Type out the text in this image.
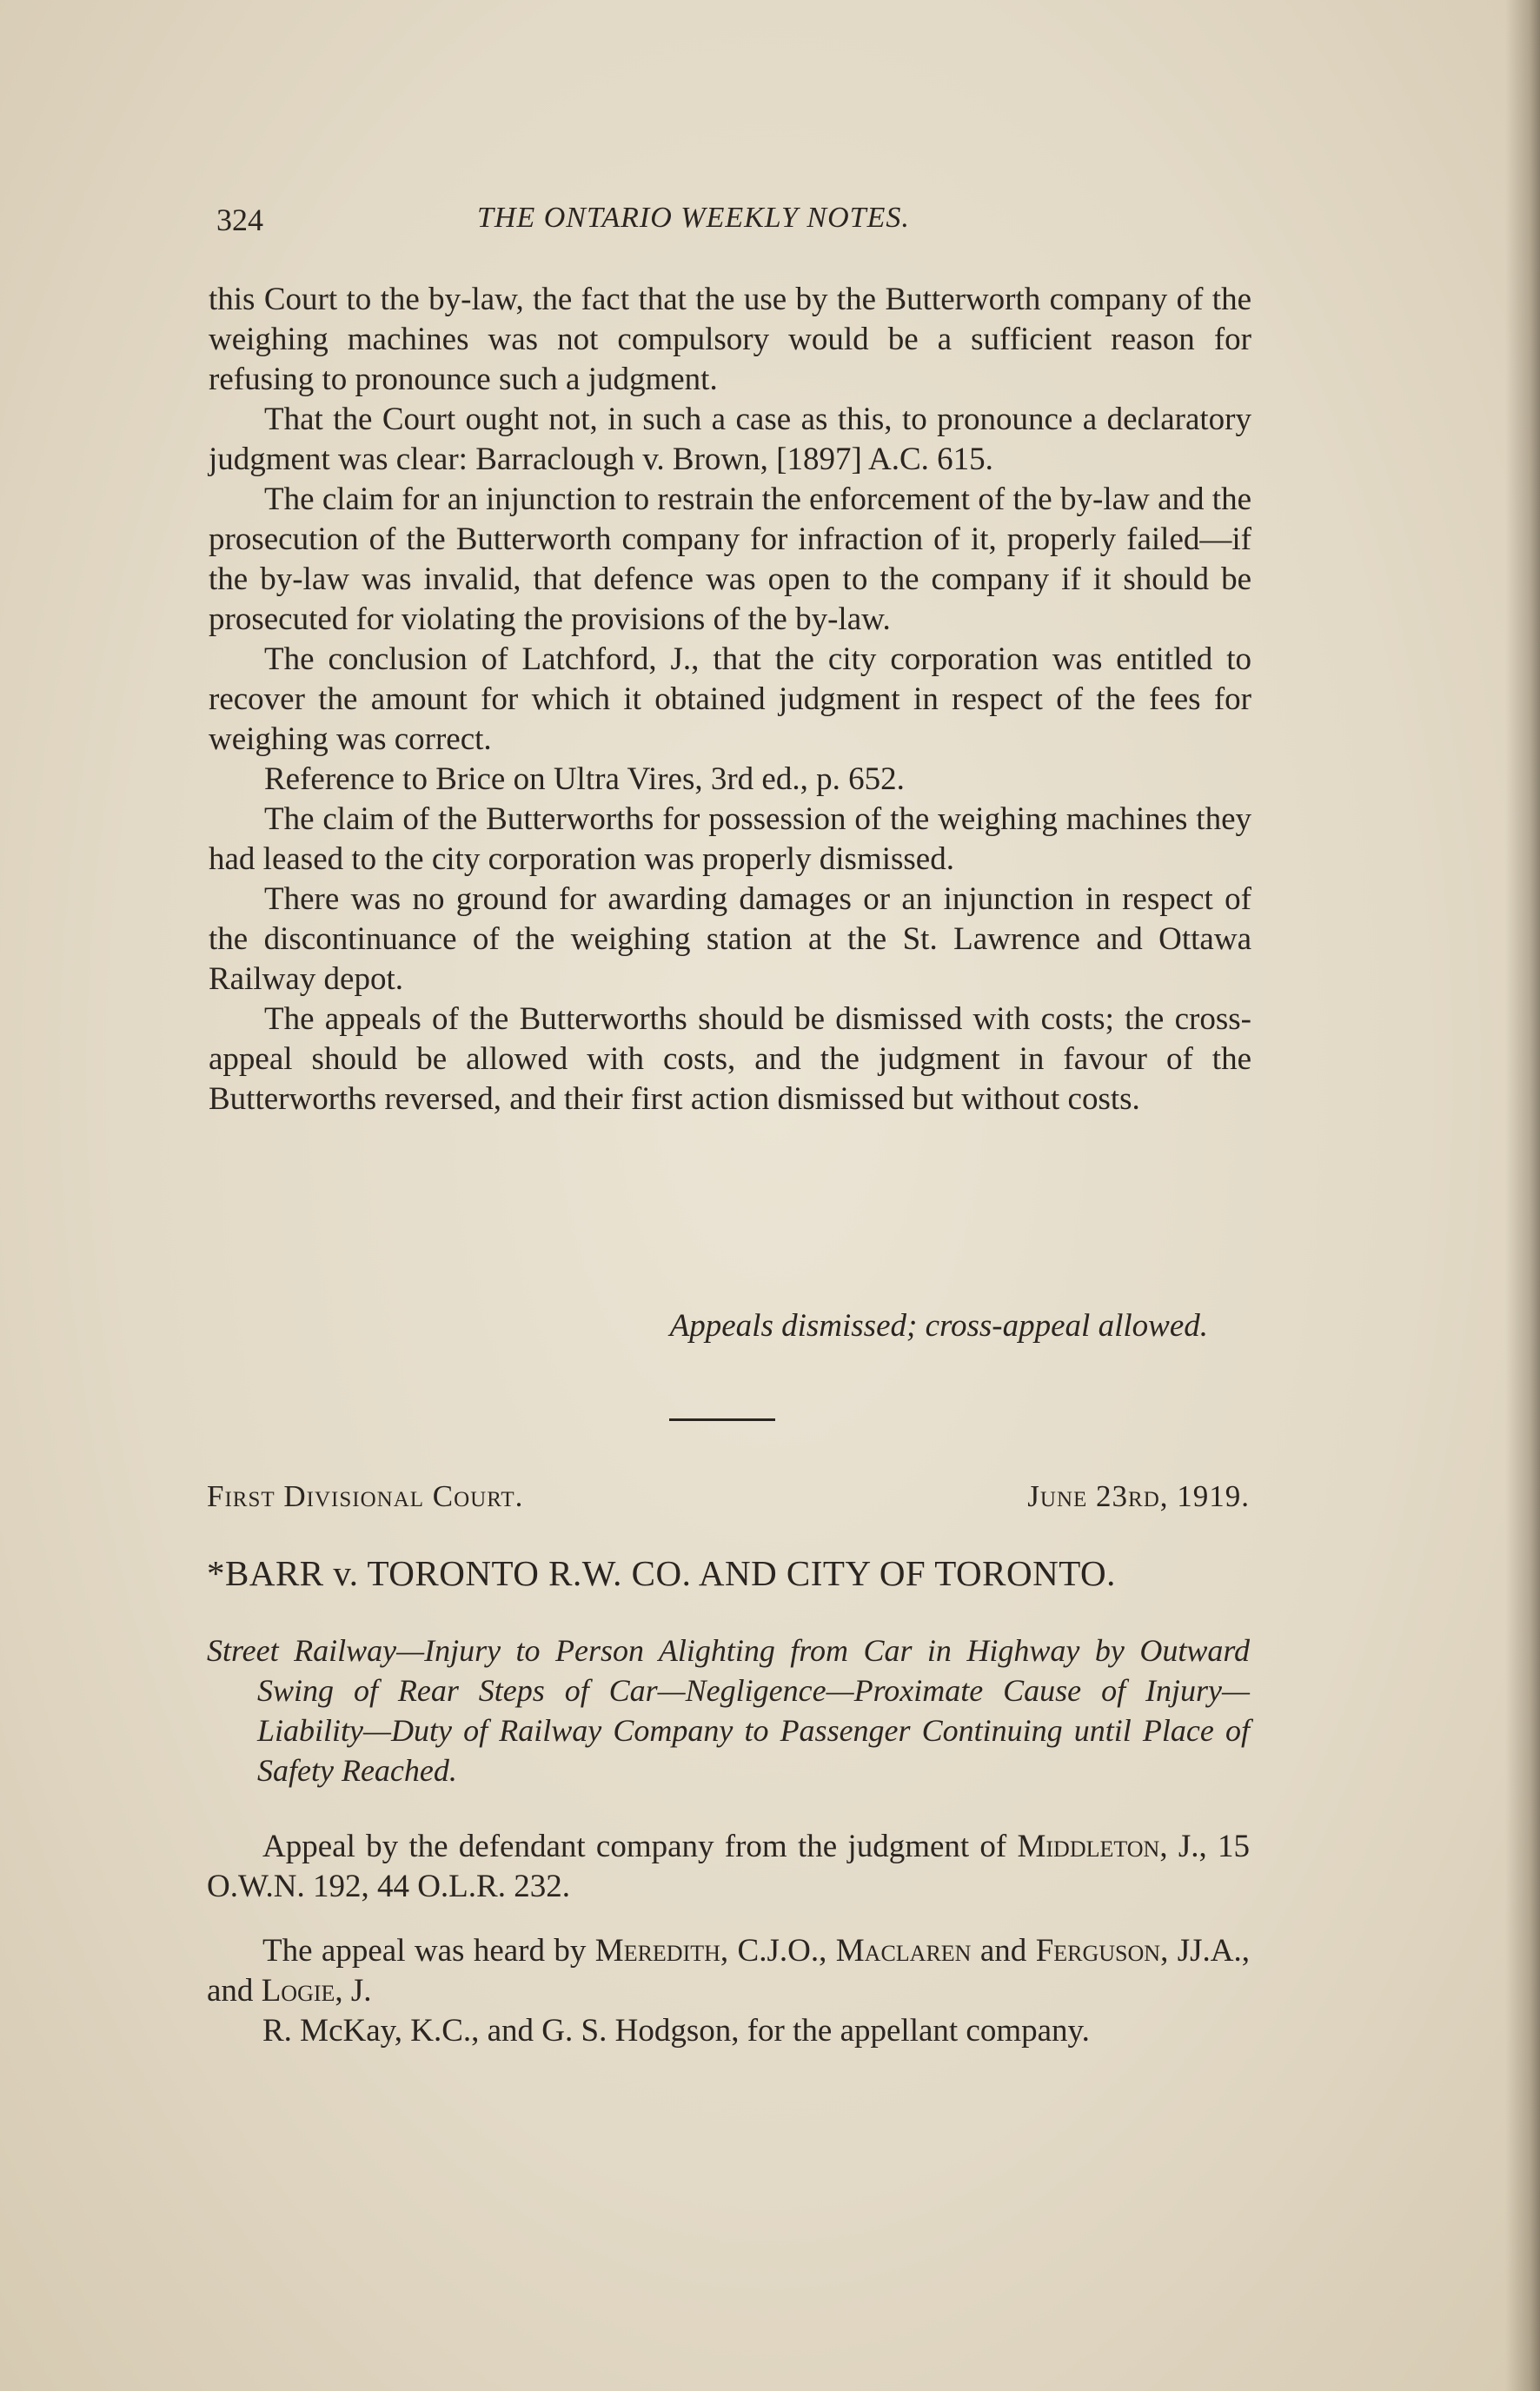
324	THE ONTARIO WEEKLY NOTES.

this Court to the by-law, the fact that the use by the Butterworth company of the weighing machines was not compulsory would be a sufficient reason for refusing to pronounce such a judgment.

That the Court ought not, in such a case as this, to pronounce a declaratory judgment was clear: Barraclough v. Brown, [1897] A.C. 615.

The claim for an injunction to restrain the enforcement of the by-law and the prosecution of the Butterworth company for infraction of it, properly failed—if the by-law was invalid, that defence was open to the company if it should be prosecuted for violating the provisions of the by-law.

The conclusion of Latchford, J., that the city corporation was entitled to recover the amount for which it obtained judgment in respect of the fees for weighing was correct.

Reference to Brice on Ultra Vires, 3rd ed., p. 652.

The claim of the Butterworths for possession of the weighing machines they had leased to the city corporation was properly dismissed.

There was no ground for awarding damages or an injunction in respect of the discontinuance of the weighing station at the St. Lawrence and Ottawa Railway depot.

The appeals of the Butterworths should be dismissed with costs; the cross-appeal should be allowed with costs, and the judgment in favour of the Butterworths reversed, and their first action dismissed but without costs.

Appeals dismissed; cross-appeal allowed.
First Divisional Court.	June 23rd, 1919.
*BARR v. TORONTO R.W. CO. AND CITY OF TORONTO.
Street Railway—Injury to Person Alighting from Car in Highway by Outward Swing of Rear Steps of Car—Negligence—Proximate Cause of Injury—Liability—Duty of Railway Company to Passenger Continuing until Place of Safety Reached.

Appeal by the defendant company from the judgment of Middleton, J., 15 O.W.N. 192, 44 O.L.R. 232.

The appeal was heard by Meredith, C.J.O., Maclaren and Ferguson, JJ.A., and Logie, J.

R. McKay, K.C., and G. S. Hodgson, for the appellant company.
